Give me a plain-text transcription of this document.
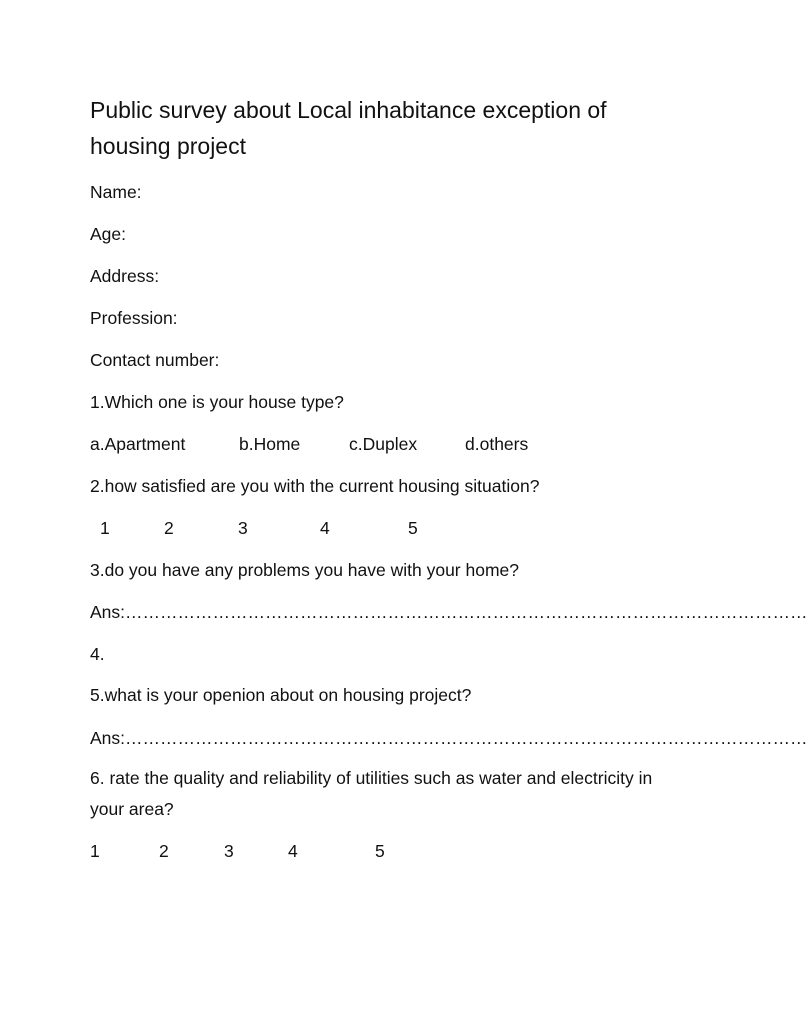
Public survey about Local inhabitance exception of housing project
Name:
Age:
Address:
Profession:
Contact number:
1.Which one is your house type?
a.Apartment	b.Home	c.Duplex	d.others
2.how satisfied are you with the current housing situation?
1	2	3	4	5
3.do you have any problems you have with your home?
Ans:………………………………………………………………………………………………………
4.
5.what is your openion about on housing project?
Ans:………………………………………………………………………………………………………
6. rate the quality and reliability of utilities such as water and electricity in your area?
1	2	3	4	5
